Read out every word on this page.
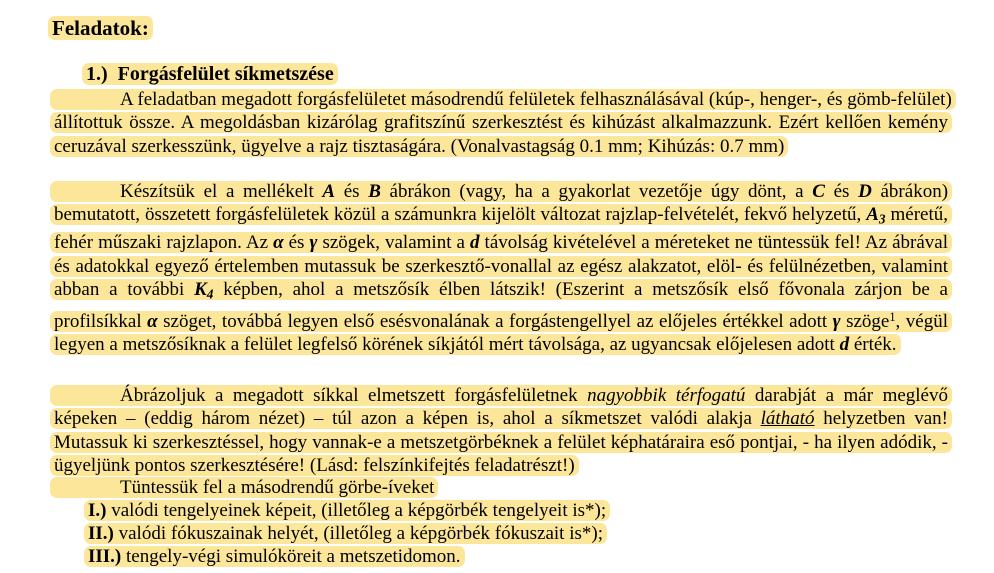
Feladatok:
1.) Forgásfelület síkmetszése

A feladatban megadott forgásfelületet másodrendű felületek felhasználásával (kúp-, henger-, és gömb-felület) állítottuk össze. A megoldásban kizárólag grafitszínű szerkesztést és kihúzást alkalmazzunk. Ezért kellően kemény ceruzával szerkesszünk, ügyelve a rajz tisztaságára. (Vonalvastagság 0.1 mm; Kihúzás: 0.7 mm)

Készítsük el a mellékelt A és B ábrákon (vagy, ha a gyakorlat vezetője úgy dönt, a C és D ábrákon) bemutatott, összetett forgásfelületek közül a számunkra kijelölt változat rajzlap-felvételét, fekvő helyzetű, $A_3$ méretű, fehér műszaki rajzlapon. Az α és γ szögek, valamint a d távolság kivételével a méreteket ne tüntessük fel! Az ábrával és adatokkal egyező értelemben mutassuk be szerkesztő-vonallal az egész alakzatot, elöl- és felülnézetben, valamint abban a további $K_4$ képben, ahol a metszősík élben látszik! (Eszerint a metszősík első fővonala zárjon be a profilsíkkal α szöget, továbbá legyen első esésvonalának a forgástengellyel az előjeles értékkel adott γ szöge$^1$, végül legyen a metszősíknak a felület legfelső körének síkjától mért távolsága, az ugyancsak előjelesen adott d érték.

Ábrázoljuk a megadott síkkal elmetszett forgásfelületnek nagyobbik térfogatú darabját a már meglévő képeken – (eddig három nézet) – túl azon a képen is, ahol a síkmetszet valódi alakja látható helyzetben van! Mutassuk ki szerkesztéssel, hogy vannak-e a metszetgörbéknek a felület képhatáraira eső pontjai, - ha ilyen adódik, - ügyeljünk pontos szerkesztésére! (Lásd: felszínkifejtés feladatrészt!)

Tüntessük fel a másodrendű görbe-íveket

I.) valódi tengelyeinek képeit, (illetőleg a képgörbék tengelyeit is*);
II.) valódi fókuszainak helyét, (illetőleg a képgörbék fókuszait is*);
III.) tengely-végi simulóköreit a metszetidomon.
